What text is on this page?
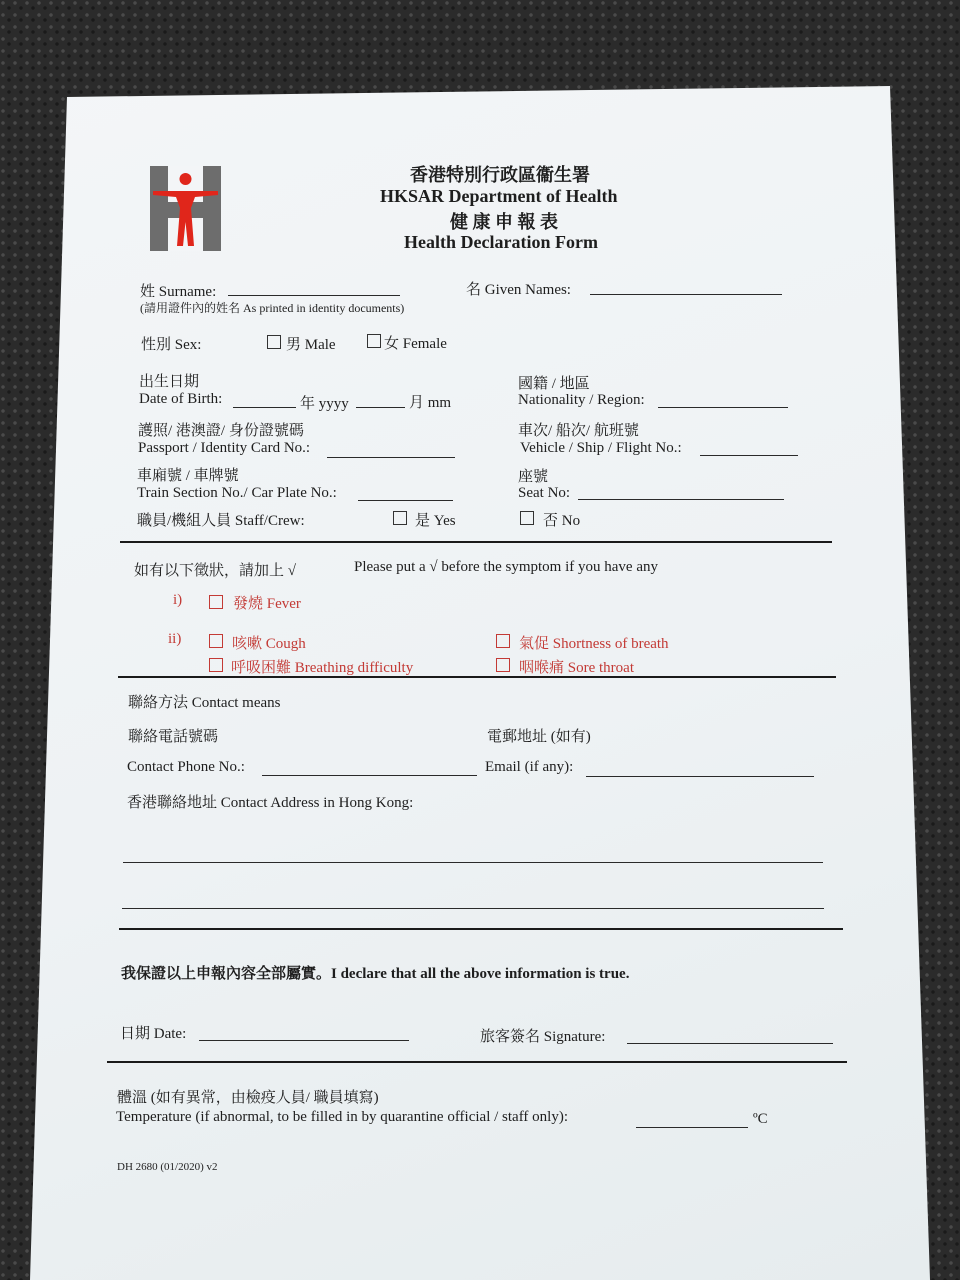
香港特別行政區衞生署
HKSAR Department of Health
健 康 申 報 表
Health Declaration Form
姓 Surname:
(請用證件內的姓名 As printed in identity documents)
名 Given Names:
性別 Sex:	男 Male	女 Female
出生日期
Date of Birth:	年 yyyy	月 mm
國籍 / 地區
Nationality / Region:
護照/ 港澳證/ 身份證號碼
Passport / Identity Card No.:
車次/ 船次/ 航班號
Vehicle / Ship / Flight No.:
車廂號 / 車牌號
Train Section No./ Car Plate No.:
座號
Seat No:
職員/機組人員 Staff/Crew:	是 Yes	否 No
如有以下徵狀，請加上 √	Please put a √ before the symptom if you have any
i)	發燒 Fever
ii)	咳嗽 Cough	氣促 Shortness of breath
呼吸困難 Breathing difficulty	咽喉痛 Sore throat
聯絡方法 Contact means
聯絡電話號碼	電郵地址 (如有)
Contact Phone No.:	Email (if any):
香港聯絡地址 Contact Address in Hong Kong:
我保證以上申報內容全部屬實。I declare that all the above information is true.
日期 Date:	旅客簽名 Signature:
體溫 (如有異常，由檢疫人員/ 職員填寫)
Temperature (if abnormal, to be filled in by quarantine official / staff only):	ºC
DH 2680 (01/2020) v2
